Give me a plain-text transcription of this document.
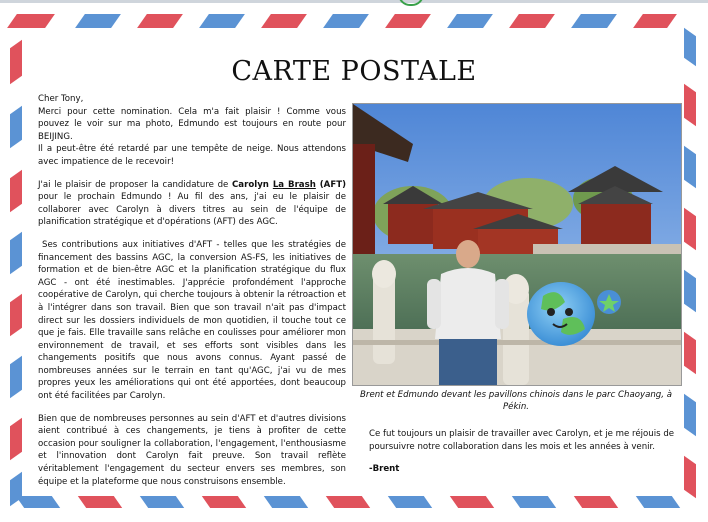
CARTE POSTALE

Cher Tony,

Merci pour cette nomination. Cela m'a fait plaisir ! Comme vous pouvez le voir sur ma photo, Edmundo est toujours en route pour BEIJING.
Il a peut-être été retardé par une tempête de neige. Nous attendons avec impatience de le recevoir!

J'ai le plaisir de proposer la candidature de Carolyn La Brash (AFT) pour le prochain Edmundo ! Au fil des ans, j'ai eu le plaisir de collaborer avec Carolyn à divers titres au sein de l'équipe de planification stratégique et d'opérations (AFT) des AGC.

Ses contributions aux initiatives d'AFT - telles que les stratégies de financement des bassins AGC, la conversion AS-FS, les initiatives de formation et de bien-être AGC et la planification stratégique du flux AGC - ont été inestimables. J'apprécie profondément l'approche coopérative de Carolyn, qui cherche toujours à obtenir la rétroaction et à l'intégrer dans son travail. Bien que son travail n'ait pas d'impact direct sur les dossiers individuels de mon quotidien, il touche tout ce que je fais. Elle travaille sans relâche en coulisses pour améliorer mon environnement de travail, et ses efforts sont visibles dans les changements positifs que nous avons connus. Ayant passé de nombreuses années sur le terrain en tant qu'AGC, j'ai vu de mes propres yeux les améliorations qui ont été apportées, dont beaucoup ont été facilitées par Carolyn.

Bien que de nombreuses personnes au sein d'AFT et d'autres divisions aient contribué à ces changements, je tiens à profiter de cette occasion pour souligner la collaboration, l'engagement, l'enthousiasme et l'innovation dont Carolyn fait preuve. Son travail reflète véritablement l'engagement du secteur envers ses membres, son équipe et la plateforme que nous construisons ensemble.

Brent et Edmundo devant les pavillons chinois dans le parc Chaoyang, à Pékin.

Ce fut toujours un plaisir de travailler avec Carolyn, et je me réjouis de poursuivre notre collaboration dans les mois et les années à venir.

-Brent
